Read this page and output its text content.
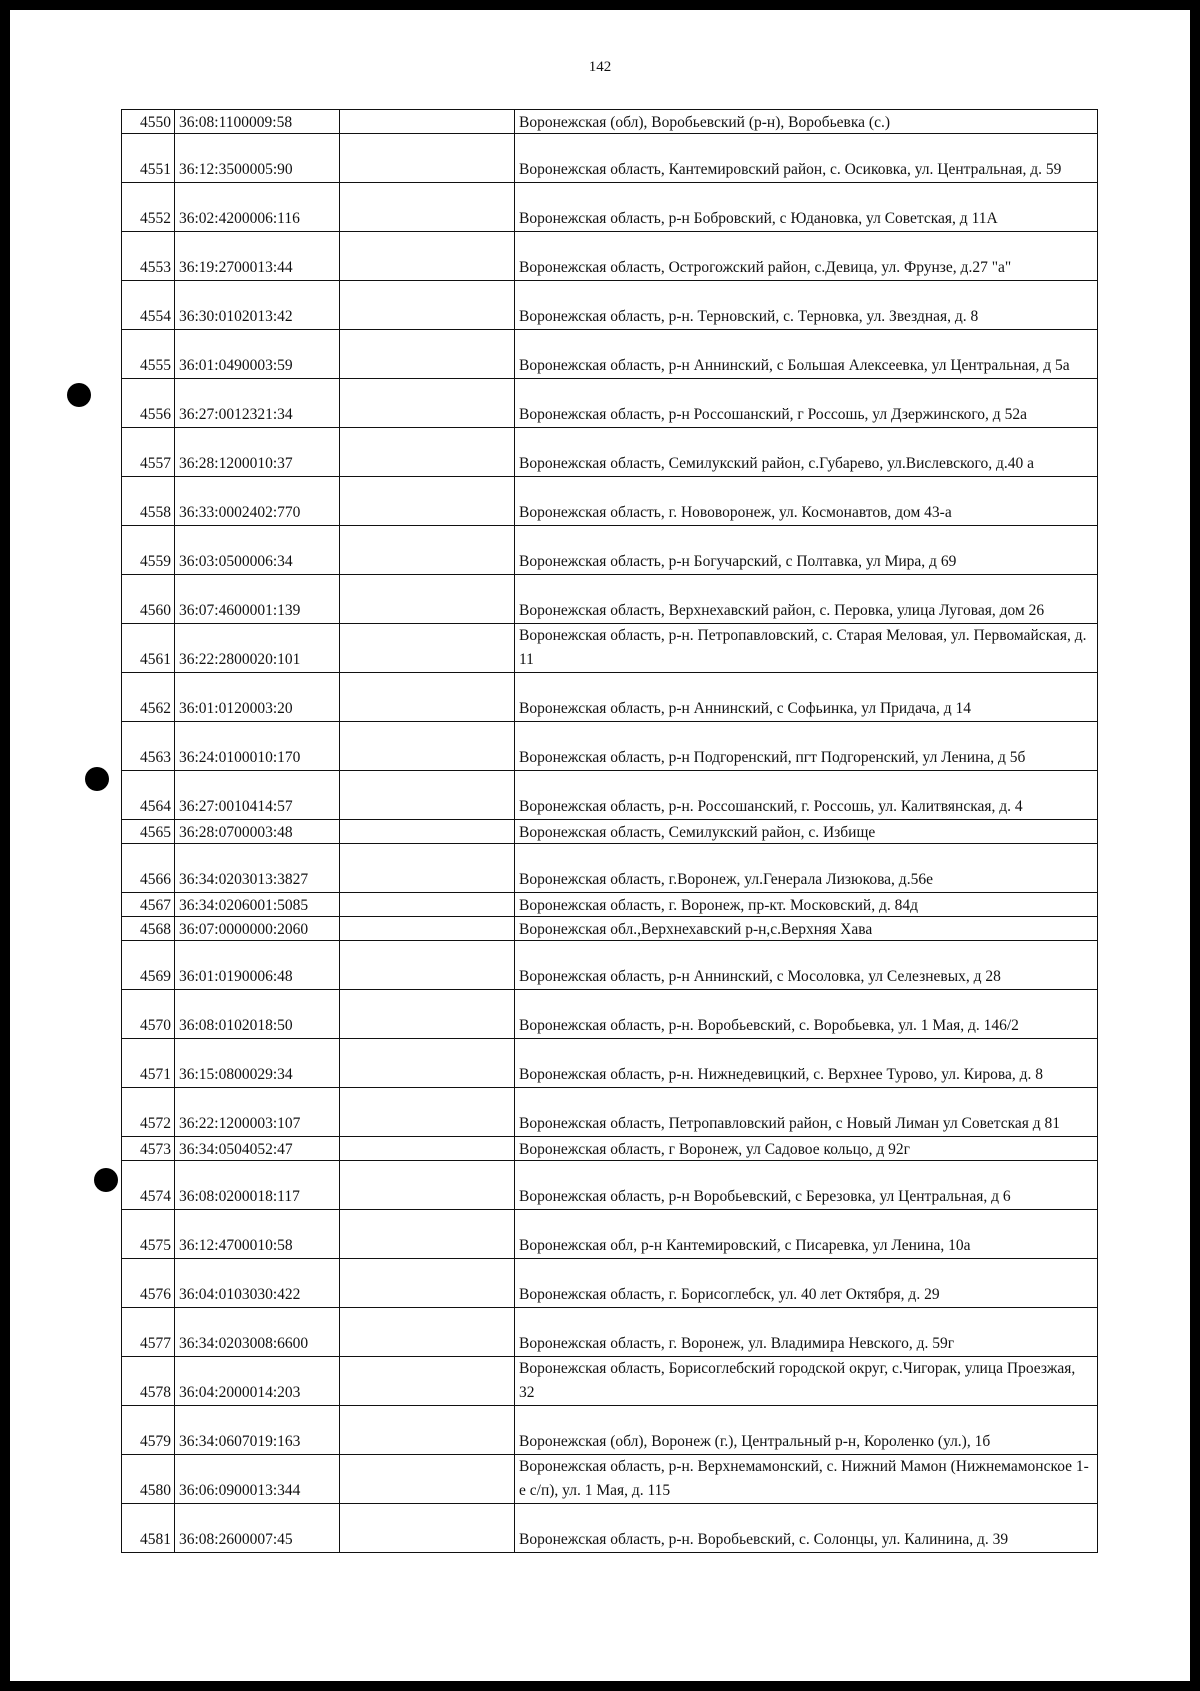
142
4550	36:08:1100009:58		Воронежская (обл), Воробьевский (р-н), Воробьевка (с.)
4551	36:12:3500005:90		Воронежская область, Кантемировский район, с. Осиковка, ул. Центральная, д. 59
4552	36:02:4200006:116		Воронежская область, р-н Бобровский, с Юдановка, ул Советская, д 11А
4553	36:19:2700013:44		Воронежская область, Острогожский район, с.Девица, ул. Фрунзе, д.27 "а"
4554	36:30:0102013:42		Воронежская область, р-н. Терновский, с. Терновка, ул. Звездная, д. 8
4555	36:01:0490003:59		Воронежская область, р-н Аннинский, с Большая Алексеевка, ул Центральная, д 5а
4556	36:27:0012321:34		Воронежская область, р-н Россошанский, г Россошь, ул Дзержинского, д 52а
4557	36:28:1200010:37		Воронежская область, Семилукский район, с.Губарево, ул.Вислевского, д.40 а
4558	36:33:0002402:770		Воронежская область, г. Нововоронеж, ул. Космонавтов, дом 43-а
4559	36:03:0500006:34		Воронежская область, р-н Богучарский, с Полтавка, ул Мира, д 69
4560	36:07:4600001:139		Воронежская область, Верхнехавский район, с. Перовка, улица Луговая, дом 26
4561	36:22:2800020:101		Воронежская область, р-н. Петропавловский, с. Старая Меловая, ул. Первомайская, д. 11
4562	36:01:0120003:20		Воронежская область, р-н Аннинский, с Софьинка, ул Придача, д 14
4563	36:24:0100010:170		Воронежская область, р-н Подгоренский, пгт Подгоренский, ул Ленина, д 5б
4564	36:27:0010414:57		Воронежская область, р-н. Россошанский, г. Россошь, ул. Калитвянская, д. 4
4565	36:28:0700003:48		Воронежская область, Семилукский район, с. Избище
4566	36:34:0203013:3827		Воронежская область, г.Воронеж, ул.Генерала Лизюкова, д.56е
4567	36:34:0206001:5085		Воронежская область, г. Воронеж, пр-кт. Московский, д. 84д
4568	36:07:0000000:2060		Воронежская обл.,Верхнехавский р-н,с.Верхняя Хава
4569	36:01:0190006:48		Воронежская область, р-н Аннинский, с Мосоловка, ул Селезневых, д 28
4570	36:08:0102018:50		Воронежская область, р-н. Воробьевский, с. Воробьевка, ул. 1 Мая, д. 146/2
4571	36:15:0800029:34		Воронежская область, р-н. Нижнедевицкий, с. Верхнее Турово, ул. Кирова, д. 8
4572	36:22:1200003:107		Воронежская область, Петропавловский район, с Новый Лиман ул Советская д 81
4573	36:34:0504052:47		Воронежская область, г Воронеж, ул Садовое кольцо, д 92г
4574	36:08:0200018:117		Воронежская область, р-н Воробьевский, с Березовка, ул Центральная, д 6
4575	36:12:4700010:58		Воронежская обл, р-н Кантемировский, с Писаревка, ул Ленина, 10а
4576	36:04:0103030:422		Воронежская область, г. Борисоглебск, ул. 40 лет Октября, д. 29
4577	36:34:0203008:6600		Воронежская область, г. Воронеж, ул. Владимира Невского, д. 59г
4578	36:04:2000014:203		Воронежская область, Борисоглебский городской округ, с.Чигорак, улица Проезжая, 32
4579	36:34:0607019:163		Воронежская (обл), Воронеж (г.), Центральный р-н, Короленко (ул.), 1б
4580	36:06:0900013:344		Воронежская область, р-н. Верхнемамонский, с. Нижний Мамон (Нижнемамонское 1-е с/п), ул. 1 Мая, д. 115
4581	36:08:2600007:45		Воронежская область, р-н. Воробьевский, с. Солонцы, ул. Калинина, д. 39
